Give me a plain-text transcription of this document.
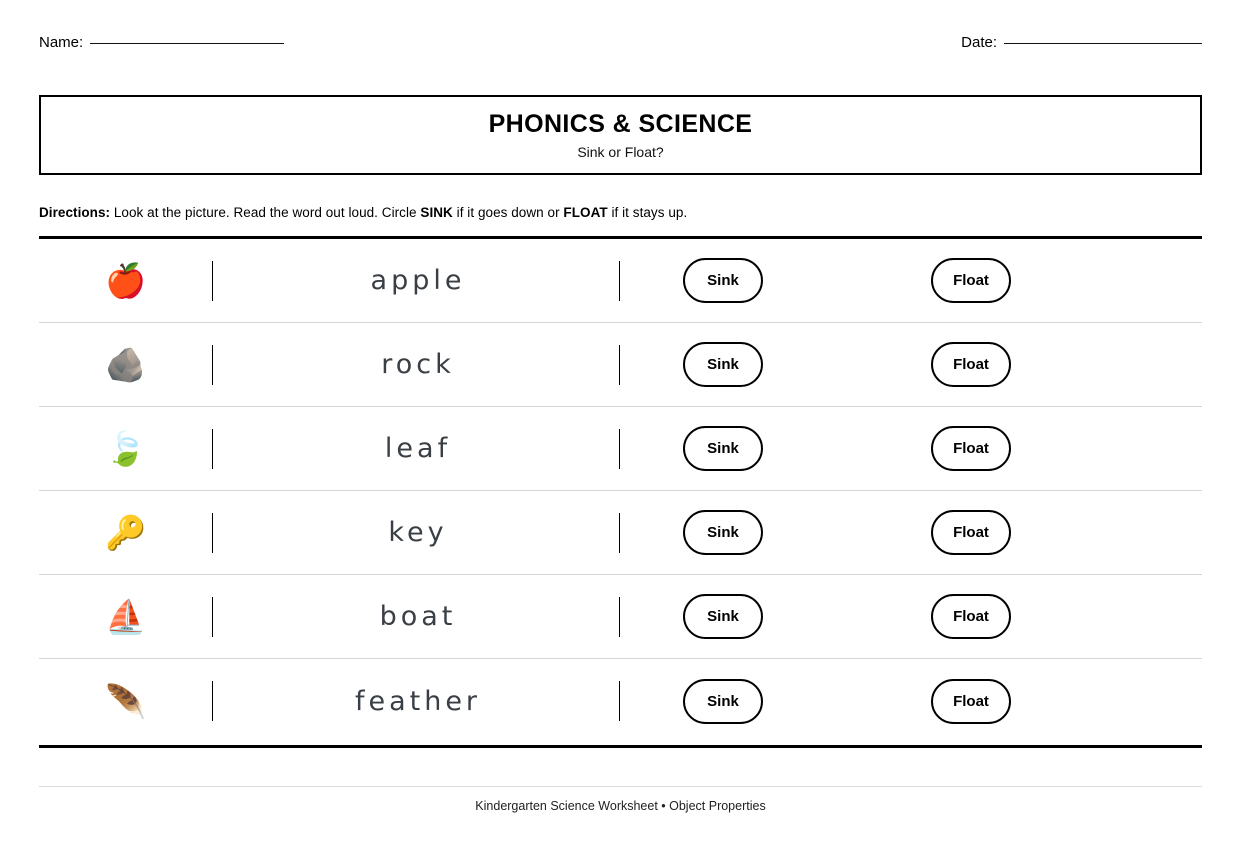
Name:	Date:
PHONICS & SCIENCE
Sink or Float?
Directions: Look at the picture. Read the word out loud. Circle SINK if it goes down or FLOAT if it stays up.
🍎	apple	Sink	Float
🪨	rock	Sink	Float
🍃	leaf	Sink	Float
🔑	key	Sink	Float
⛵	boat	Sink	Float
🪶	feather	Sink	Float
Kindergarten Science Worksheet • Object Properties
